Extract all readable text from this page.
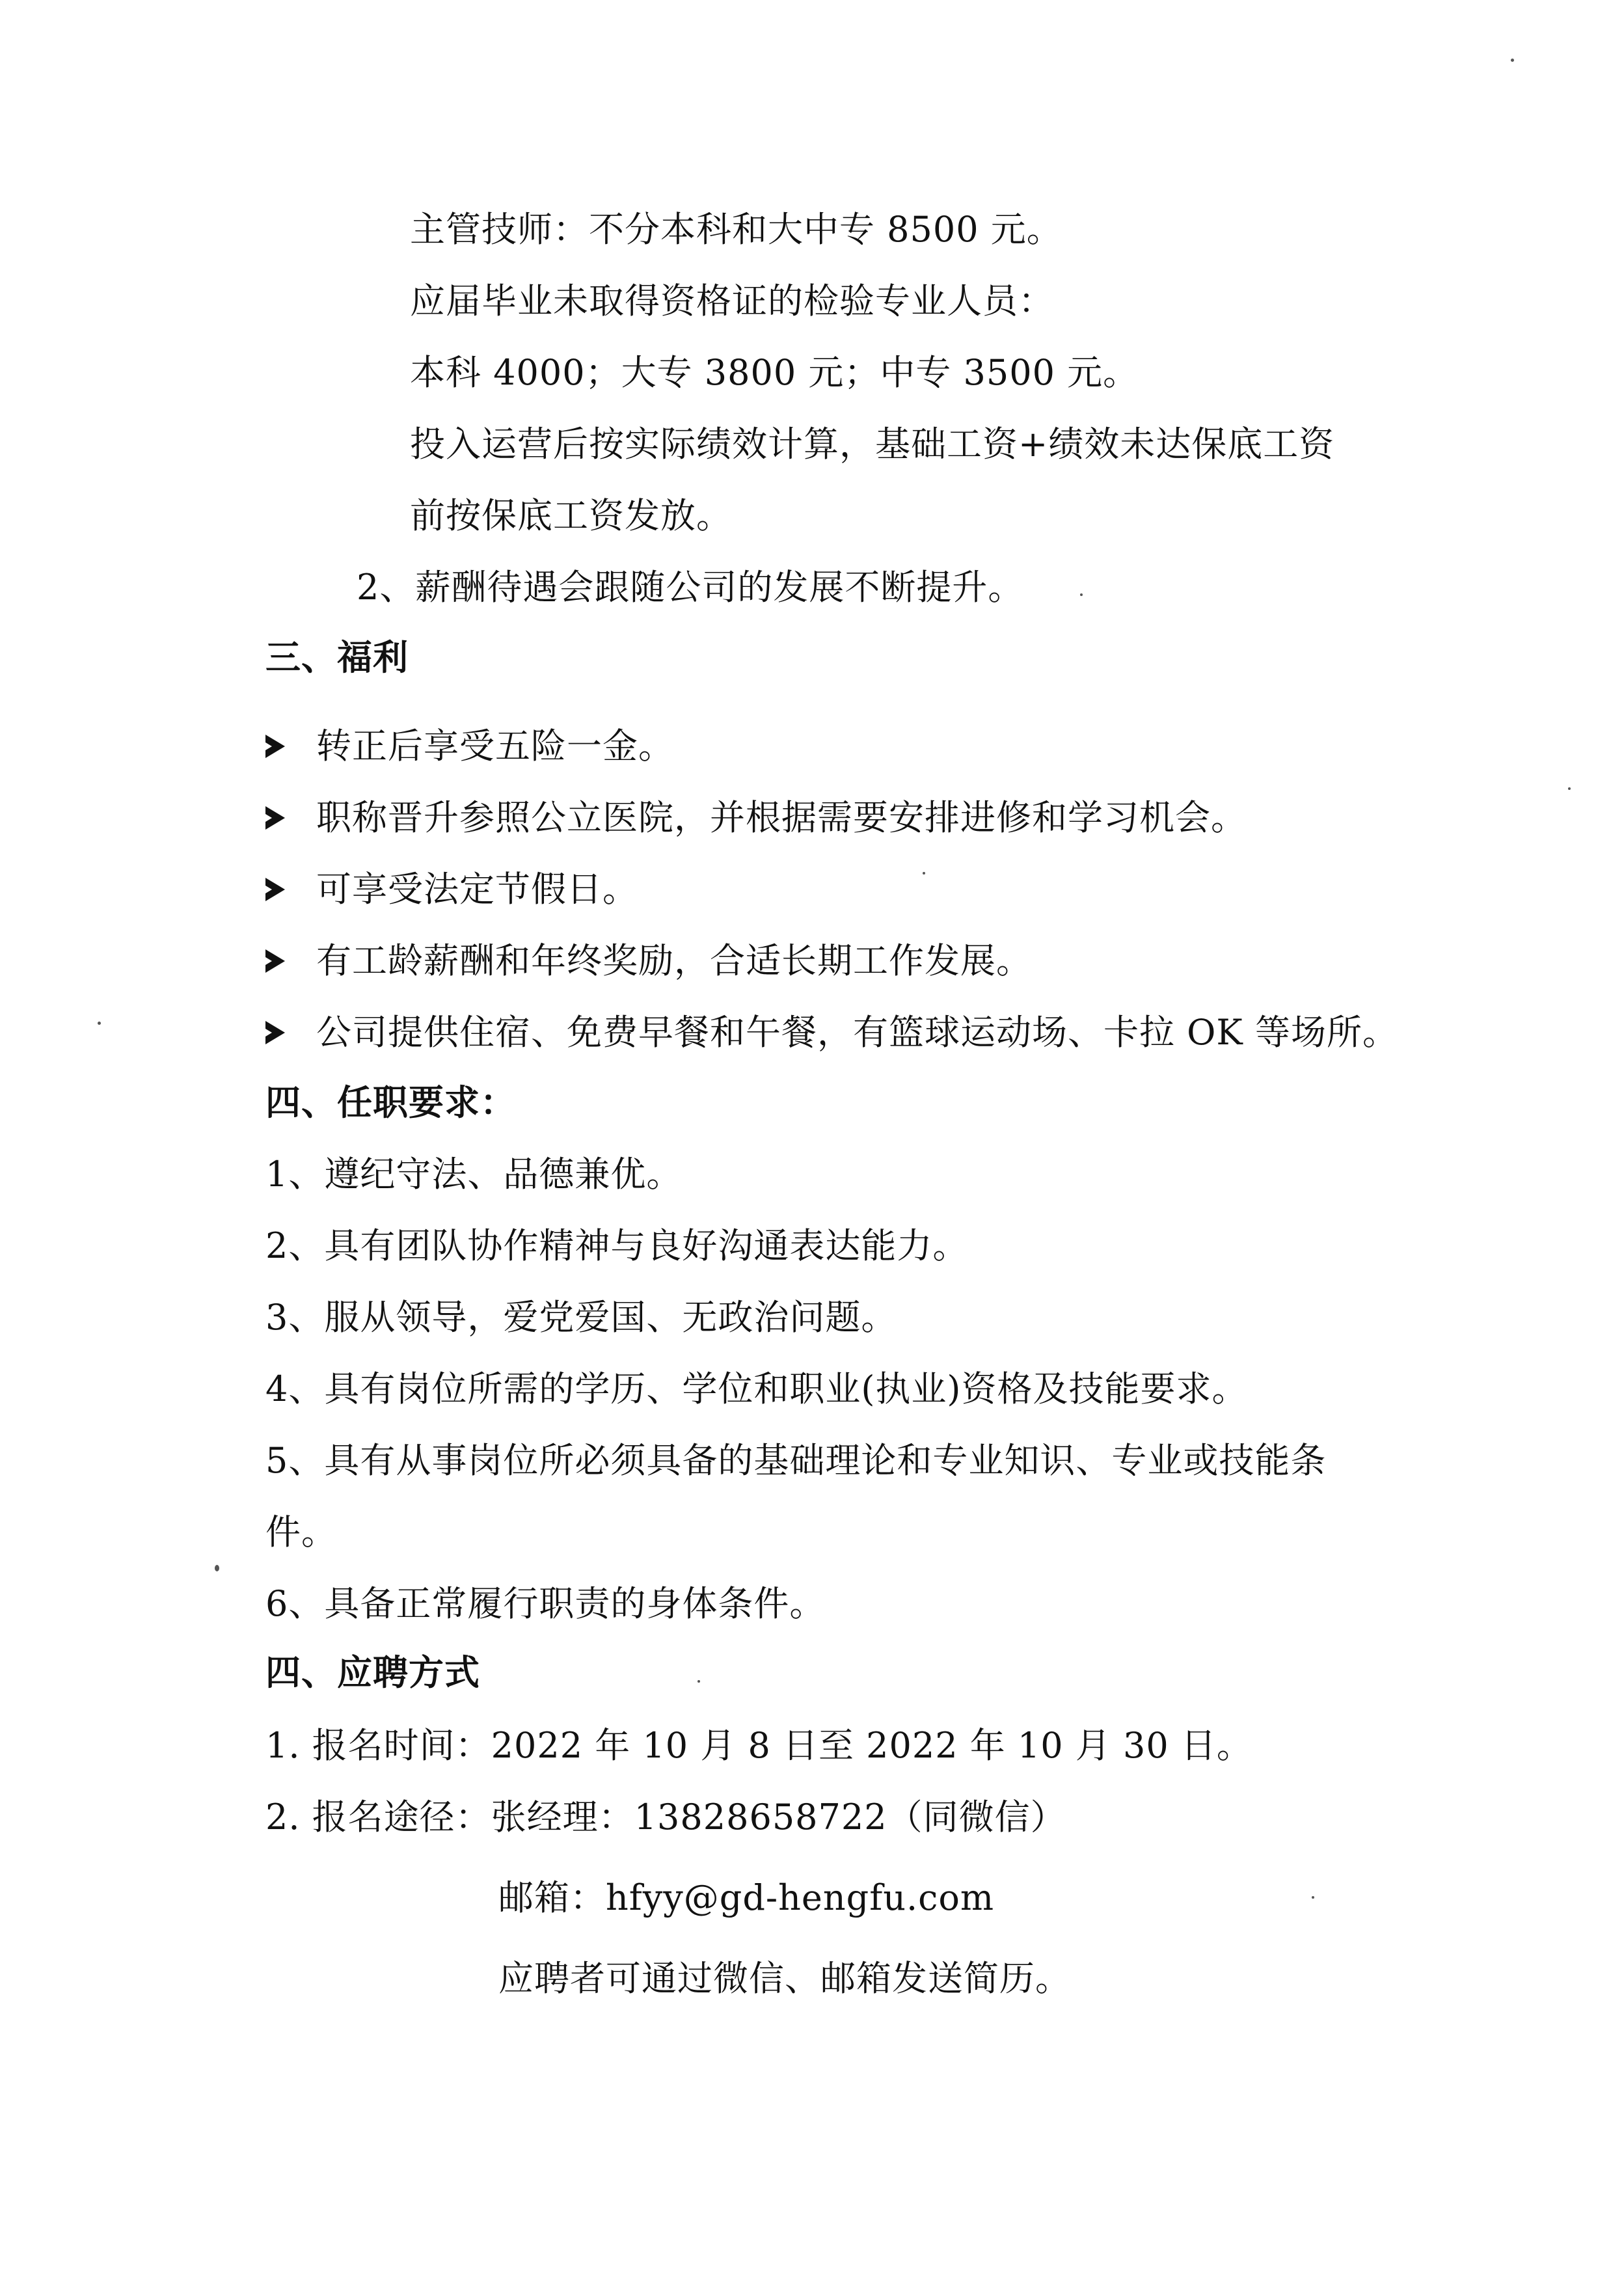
主管技师：不分本科和大中专 8500 元。
应届毕业未取得资格证的检验专业人员：
本科 4000；大专 3800 元；中专 3500 元。
投入运营后按实际绩效计算，基础工资+绩效未达保底工资
前按保底工资发放。
2、薪酬待遇会跟随公司的发展不断提升。
三、福利
转正后享受五险一金。
职称晋升参照公立医院，并根据需要安排进修和学习机会。
可享受法定节假日。
有工龄薪酬和年终奖励，合适长期工作发展。
公司提供住宿、免费早餐和午餐，有篮球运动场、卡拉 OK 等场所。
四、任职要求：
1、遵纪守法、品德兼优。
2、具有团队协作精神与良好沟通表达能力。
3、服从领导，爱党爱国、无政治问题。
4、具有岗位所需的学历、学位和职业(执业)资格及技能要求。
5、具有从事岗位所必须具备的基础理论和专业知识、专业或技能条
件。
6、具备正常履行职责的身体条件。
四、应聘方式
1. 报名时间：2022 年 10 月 8 日至 2022 年 10 月 30 日。
2. 报名途径：张经理：13828658722（同微信）
邮箱：hfyy@gd-hengfu.com
应聘者可通过微信、邮箱发送简历。
